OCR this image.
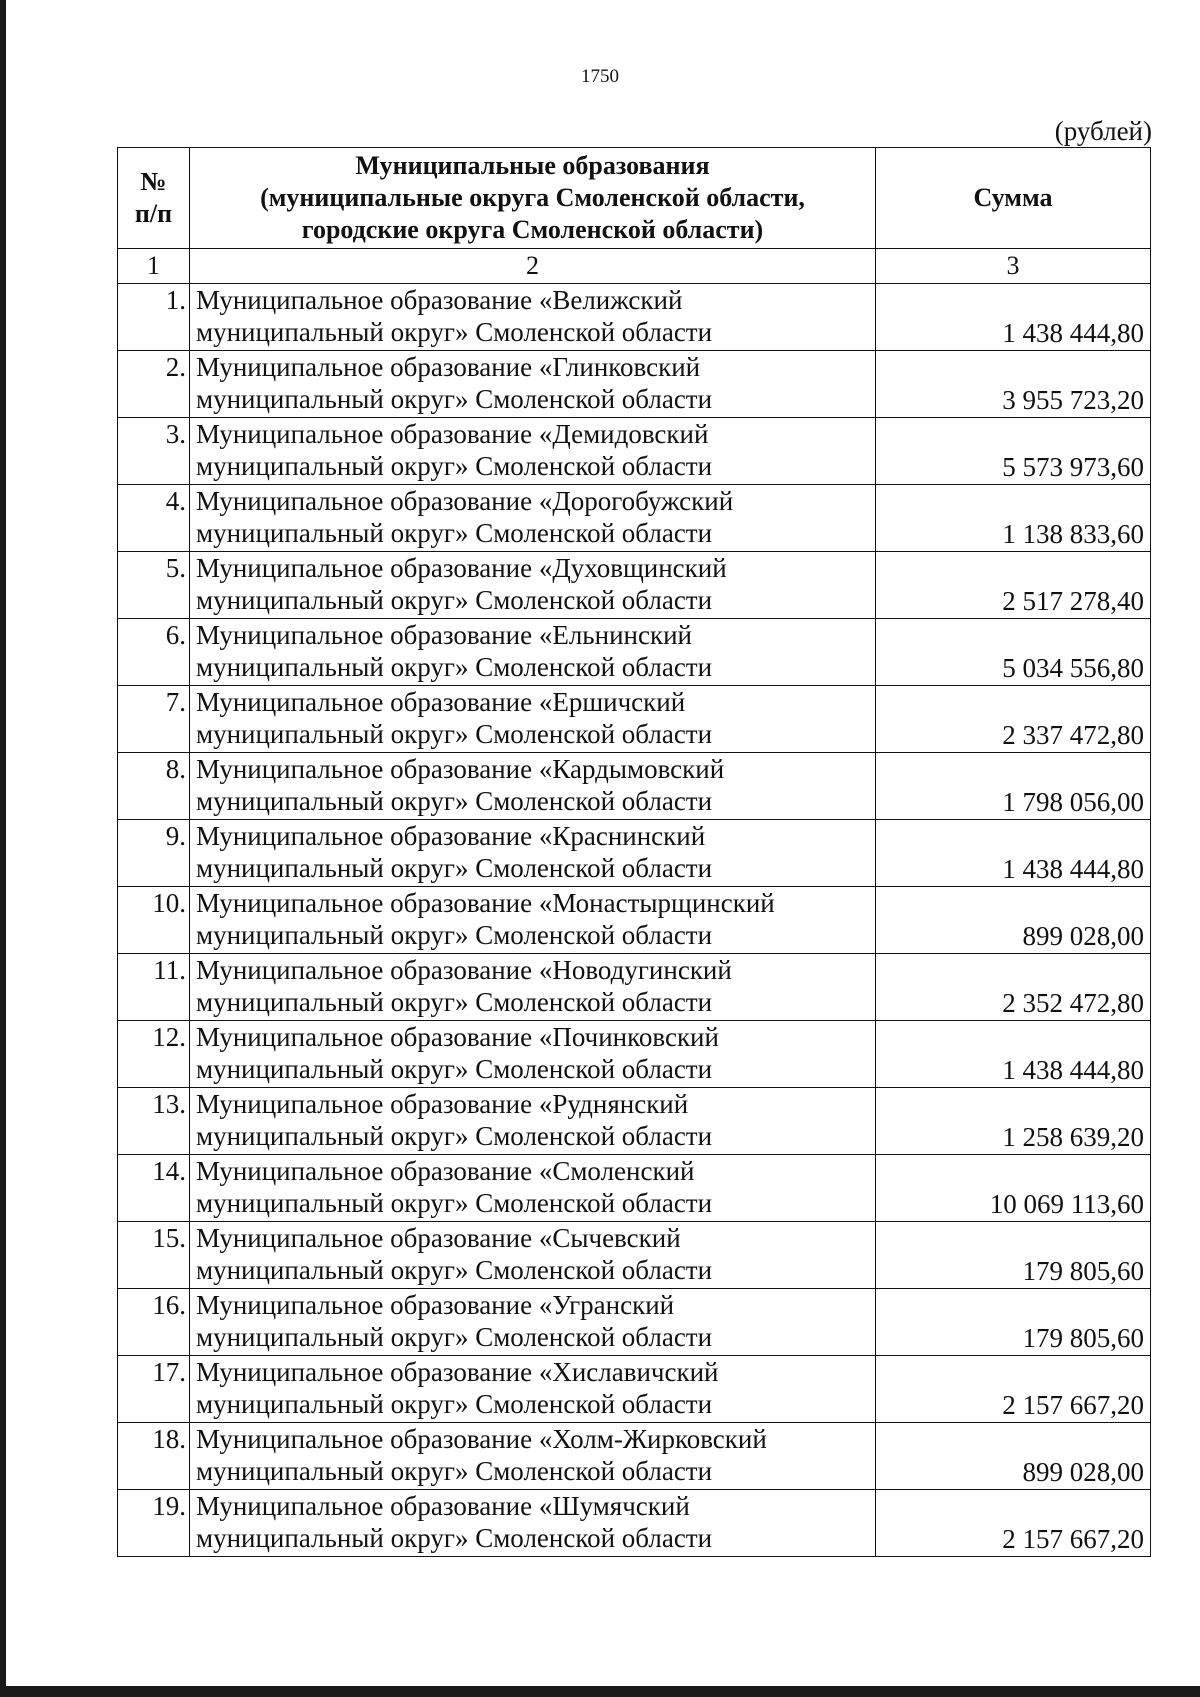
1750
(рублей)
№
п/п	Муниципальные образования
(муниципальные округа Смоленской области,
городские округа Смоленской области)	Сумма
1	2	3
1.	Муниципальное образование «Велижский
муниципальный округ» Смоленской области	1 438 444,80
2.	Муниципальное образование «Глинковский
муниципальный округ» Смоленской области	3 955 723,20
3.	Муниципальное образование «Демидовский
муниципальный округ» Смоленской области	5 573 973,60
4.	Муниципальное образование «Дорогобужский
муниципальный округ» Смоленской области	1 138 833,60
5.	Муниципальное образование «Духовщинский
муниципальный округ» Смоленской области	2 517 278,40
6.	Муниципальное образование «Ельнинский
муниципальный округ» Смоленской области	5 034 556,80
7.	Муниципальное образование «Ершичский
муниципальный округ» Смоленской области	2 337 472,80
8.	Муниципальное образование «Кардымовский
муниципальный округ» Смоленской области	1 798 056,00
9.	Муниципальное образование «Краснинский
муниципальный округ» Смоленской области	1 438 444,80
10.	Муниципальное образование «Монастырщинский
муниципальный округ» Смоленской области	899 028,00
11.	Муниципальное образование «Новодугинский
муниципальный округ» Смоленской области	2 352 472,80
12.	Муниципальное образование «Починковский
муниципальный округ» Смоленской области	1 438 444,80
13.	Муниципальное образование «Руднянский
муниципальный округ» Смоленской области	1 258 639,20
14.	Муниципальное образование «Смоленский
муниципальный округ» Смоленской области	10 069 113,60
15.	Муниципальное образование «Сычевский
муниципальный округ» Смоленской области	179 805,60
16.	Муниципальное образование «Угранский
муниципальный округ» Смоленской области	179 805,60
17.	Муниципальное образование «Хиславичский
муниципальный округ» Смоленской области	2 157 667,20
18.	Муниципальное образование «Холм-Жирковский
муниципальный округ» Смоленской области	899 028,00
19.	Муниципальное образование «Шумячский
муниципальный округ» Смоленской области	2 157 667,20
